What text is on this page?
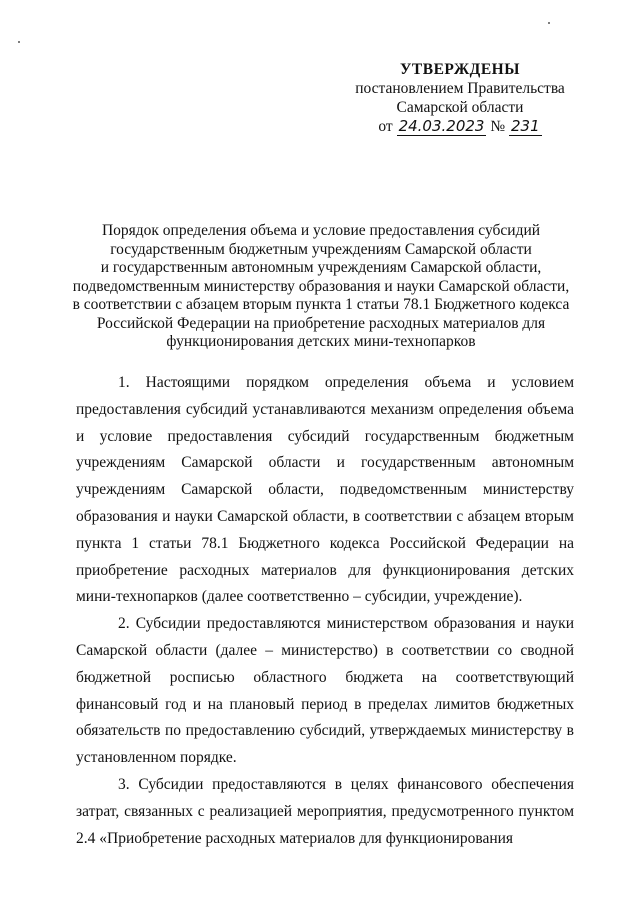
УТВЕРЖДЕНЫ
постановлением Правительства
Самарской области
от 24.03.2023 № 231
Порядок определения объема и условие предоставления субсидий
государственным бюджетным учреждениям Самарской области
и государственным автономным учреждениям Самарской области,
подведомственным министерству образования и науки Самарской области,
в соответствии с абзацем вторым пункта 1 статьи 78.1 Бюджетного кодекса
Российской Федерации на приобретение расходных материалов для
функционирования детских мини-технопарков

1. Настоящими порядком определения объема и условием предоставления субсидий устанавливаются механизм определения объема и условие предоставления субсидий государственным бюджетным учреждениям Самарской области и государственным автономным учреждениям Самарской области, подведомственным министерству образования и науки Самарской области, в соответствии с абзацем вторым пункта 1 статьи 78.1 Бюджетного кодекса Российской Федерации на приобретение расходных материалов для функционирования детских мини-технопарков (далее соответственно – субсидии, учреждение).

2. Субсидии предоставляются министерством образования и науки Самарской области (далее – министерство) в соответствии со сводной бюджетной росписью областного бюджета на соответствующий финансовый год и на плановый период в пределах лимитов бюджетных обязательств по предоставлению субсидий, утверждаемых министерству в установленном порядке.

3. Субсидии предоставляются в целях финансового обеспечения затрат, связанных с реализацией мероприятия, предусмотренного пунктом 2.4 «Приобретение расходных материалов для функционирования
